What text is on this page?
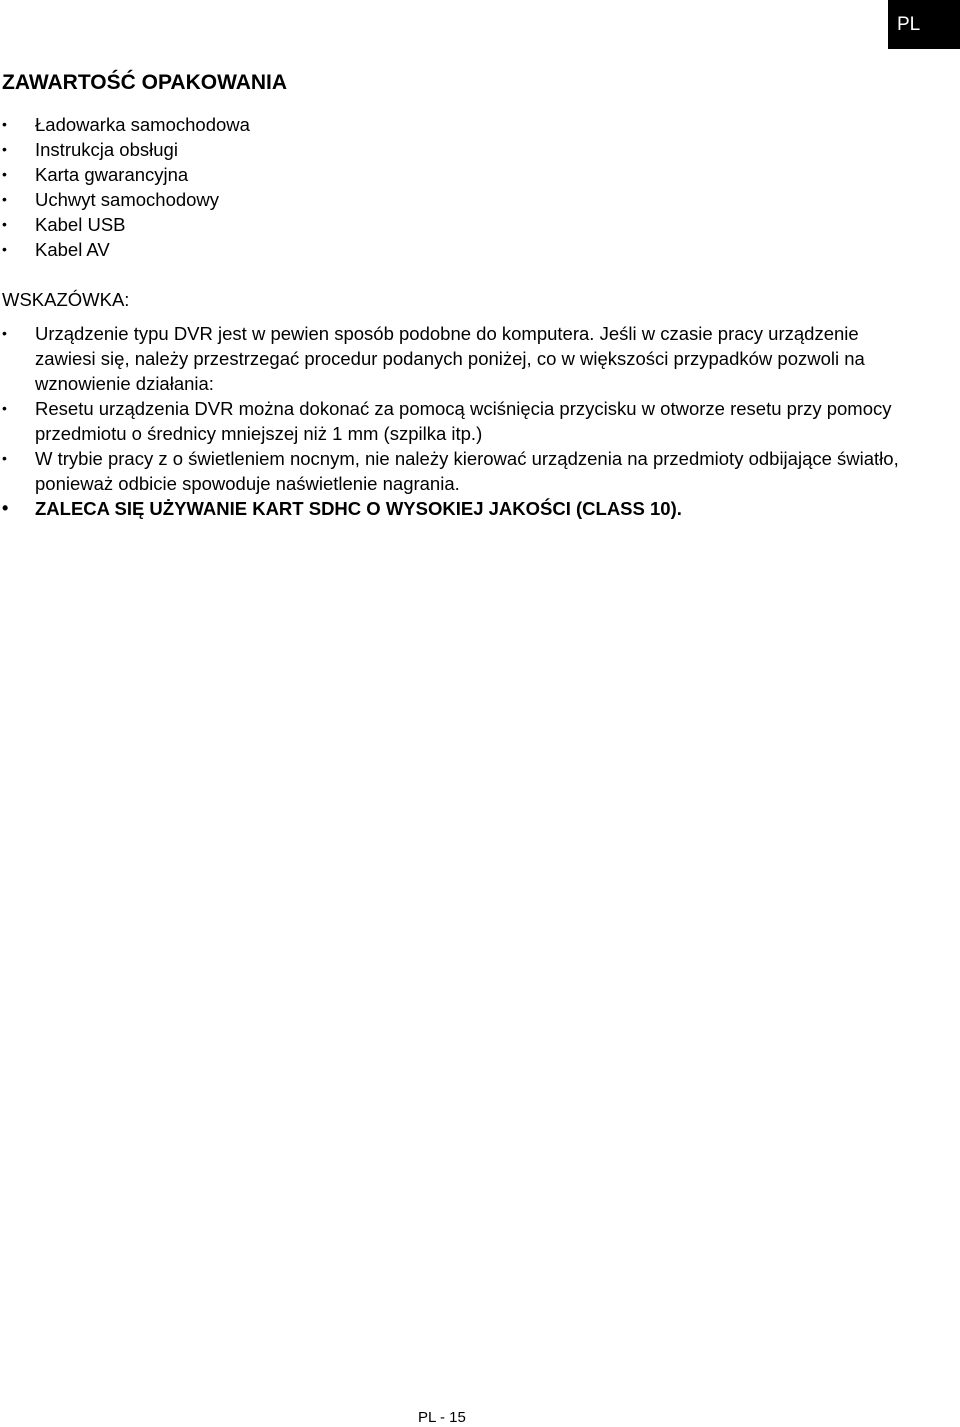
PL
ZAWARTOŚĆ OPAKOWANIA
•	Ładowarka samochodowa
•	Instrukcja obsługi
•	Karta gwarancyjna
•	Uchwyt samochodowy
•	Kabel USB
•	Kabel AV
WSKAZÓWKA:
•	Urządzenie typu DVR jest w pewien sposób podobne do komputera. Jeśli w czasie pracy urządzenie zawiesi się, należy przestrzegać procedur podanych poniżej, co w większości przypadków pozwoli na wznowienie działania:
•	Resetu urządzenia DVR można dokonać za pomocą wciśnięcia przycisku w otworze resetu przy pomocy przedmiotu o średnicy mniejszej niż 1 mm (szpilka itp.)
•	W trybie pracy z o świetleniem nocnym, nie należy kierować urządzenia na przedmioty odbijające światło, ponieważ odbicie spowoduje naświetlenie nagrania.
•	ZALECA SIĘ UŻYWANIE KART SDHC O WYSOKIEJ JAKOŚCI (CLASS 10).
PL - 15
